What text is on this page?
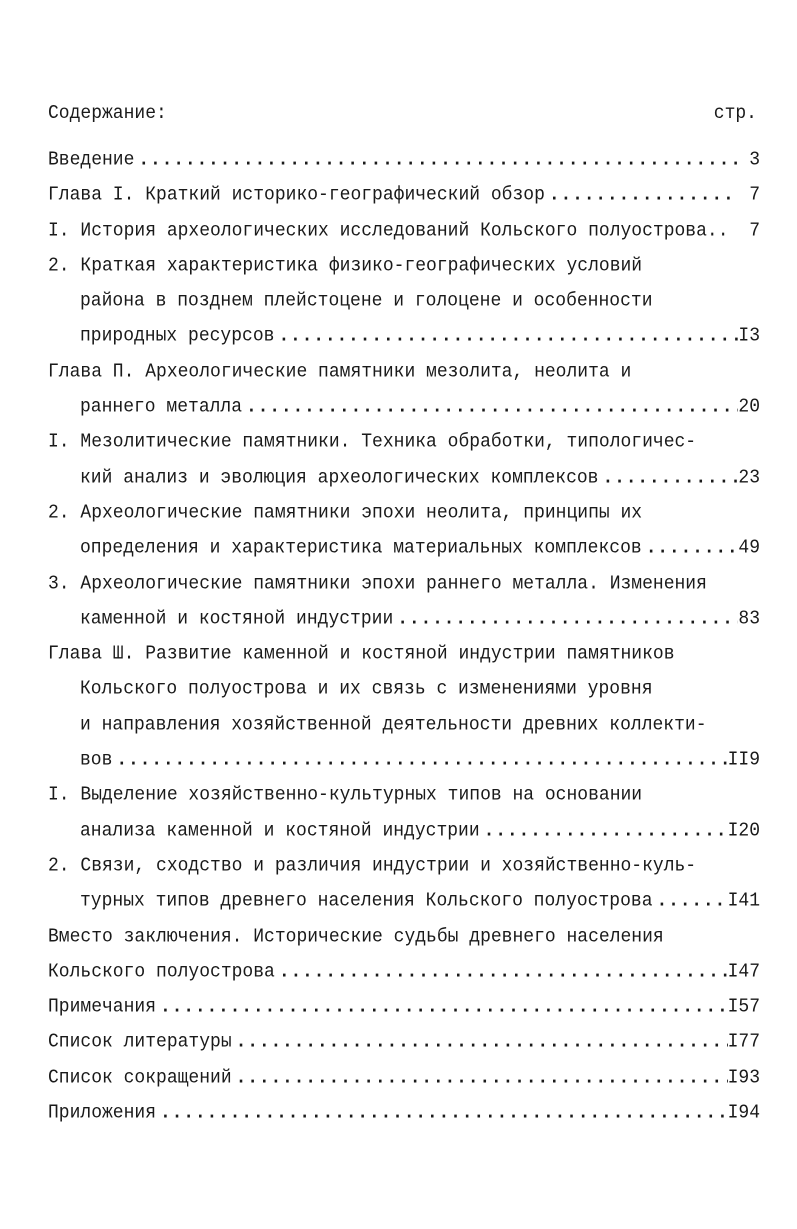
Содержание:	стр.
Введение . . .	3
Глава I. Краткий историко-географический обзор . . .	7
I. История археологических исследований Кольского полуострова..	7
2. Краткая характеристика физико-географических условий
района в позднем плейстоцене и голоцене и особенности
природных ресурсов . . .	I3
Глава П. Археологические памятники мезолита, неолита и
раннего металла . . .	20
I. Мезолитические памятники. Техника обработки, типологичес-
кий анализ и эволюция археологических комплексов . . .	23
2. Археологические памятники эпохи неолита, принципы их
определения и характеристика материальных комплексов . . .	49
3. Археологические памятники эпохи раннего металла. Изменения
каменной и костяной индустрии . . .	83
Глава Ш. Развитие каменной и костяной индустрии памятников
Кольского полуострова и их связь с изменениями уровня
и направления хозяйственной деятельности древних коллекти-
вов . . .	II9
I. Выделение хозяйственно-культурных типов на основании
анализа каменной и костяной индустрии . . .	I20
2. Связи, сходство и различия индустрии и хозяйственно-куль-
турных типов древнего населения Кольского полуострова . . .	I41
Вместо заключения. Исторические судьбы древнего населения
Кольского полуострова . . .	I47
Примечания . . .	I57
Список литературы . . .	I77
Список сокращений . . .	I93
Приложения . . .	I94
